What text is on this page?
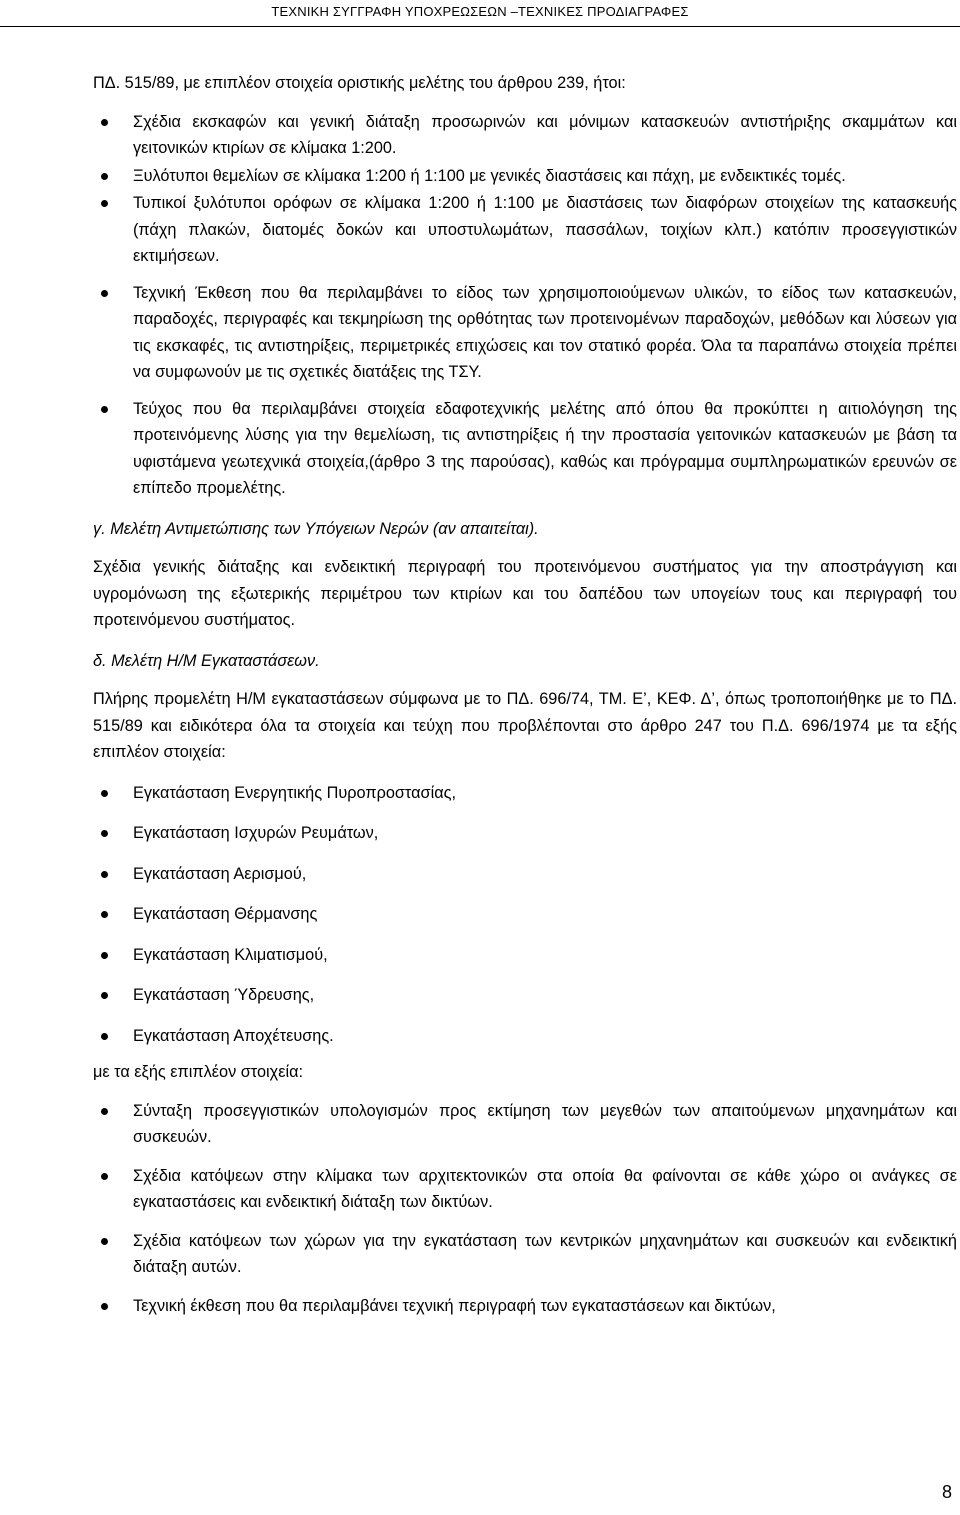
ΤΕΧΝΙΚΗ ΣΥΓΓΡΑΦΗ ΥΠΟΧΡΕΩΣΕΩΝ –ΤΕΧΝΙΚΕΣ ΠΡΟΔΙΑΓΡΑΦΕΣ

ΠΔ. 515/89, με επιπλέον στοιχεία οριστικής μελέτης του άρθρου 239, ήτοι:

Σχέδια εκσκαφών και γενική διάταξη προσωρινών και μόνιμων κατασκευών αντιστήριξης σκαμμάτων και γειτονικών κτιρίων σε κλίμακα 1:200.
Ξυλότυποι θεμελίων σε κλίμακα 1:200 ή 1:100 με γενικές διαστάσεις και πάχη, με ενδεικτικές τομές.
Τυπικοί ξυλότυποι ορόφων σε κλίμακα 1:200 ή 1:100 με διαστάσεις των διαφόρων στοιχείων της κατασκευής (πάχη πλακών, διατομές δοκών και υποστυλωμάτων, πασσάλων, τοιχίων κλπ.) κατόπιν προσεγγιστικών εκτιμήσεων.
Τεχνική Έκθεση που θα περιλαμβάνει το είδος των χρησιμοποιούμενων υλικών, το είδος των κατασκευών, παραδοχές, περιγραφές και τεκμηρίωση της ορθότητας των προτεινομένων παραδοχών, μεθόδων και λύσεων για τις εκσκαφές, τις αντιστηρίξεις, περιμετρικές επιχώσεις και τον στατικό φορέα. Όλα τα παραπάνω στοιχεία πρέπει να συμφωνούν με τις σχετικές διατάξεις της ΤΣΥ.
Τεύχος που θα περιλαμβάνει στοιχεία εδαφοτεχνικής μελέτης από όπου θα προκύπτει η αιτιολόγηση της προτεινόμενης λύσης για την θεμελίωση, τις αντιστηρίξεις ή την προστασία γειτονικών κατασκευών με βάση τα υφιστάμενα γεωτεχνικά στοιχεία,(άρθρο 3 της παρούσας), καθώς και πρόγραμμα συμπληρωματικών ερευνών σε επίπεδο προμελέτης.

γ. Μελέτη Αντιμετώπισης των Υπόγειων Νερών (αν απαιτείται).

Σχέδια γενικής διάταξης και ενδεικτική περιγραφή του προτεινόμενου συστήματος για την αποστράγγιση και υγρομόνωση της εξωτερικής περιμέτρου των κτιρίων και του δαπέδου των υπογείων τους και περιγραφή του προτεινόμενου συστήματος.

δ. Μελέτη Η/Μ Εγκαταστάσεων.

Πλήρης προμελέτη Η/Μ εγκαταστάσεων σύμφωνα με το ΠΔ. 696/74, ΤΜ. Ε’, ΚΕΦ. Δ’, όπως τροποποιήθηκε με το ΠΔ. 515/89 και ειδικότερα όλα τα στοιχεία και τεύχη που προβλέπονται στο άρθρο 247 του Π.Δ. 696/1974 με τα εξής επιπλέον στοιχεία:

Εγκατάσταση Ενεργητικής Πυροπροστασίας,
Εγκατάσταση Ισχυρών Ρευμάτων,
Εγκατάσταση Αερισμού,
Εγκατάσταση Θέρμανσης
Εγκατάσταση Κλιματισμού,
Εγκατάσταση Ύδρευσης,
Εγκατάσταση Αποχέτευσης.

με τα εξής επιπλέον στοιχεία:

Σύνταξη προσεγγιστικών υπολογισμών προς εκτίμηση των μεγεθών των απαιτούμενων μηχανημάτων και συσκευών.
Σχέδια κατόψεων στην κλίμακα των αρχιτεκτονικών στα οποία θα φαίνονται σε κάθε χώρο οι ανάγκες σε εγκαταστάσεις και ενδεικτική διάταξη των δικτύων.
Σχέδια κατόψεων των χώρων για την εγκατάσταση των κεντρικών μηχανημάτων και συσκευών και ενδεικτική διάταξη αυτών.
Τεχνική έκθεση που θα περιλαμβάνει τεχνική περιγραφή των εγκαταστάσεων και δικτύων,
8
